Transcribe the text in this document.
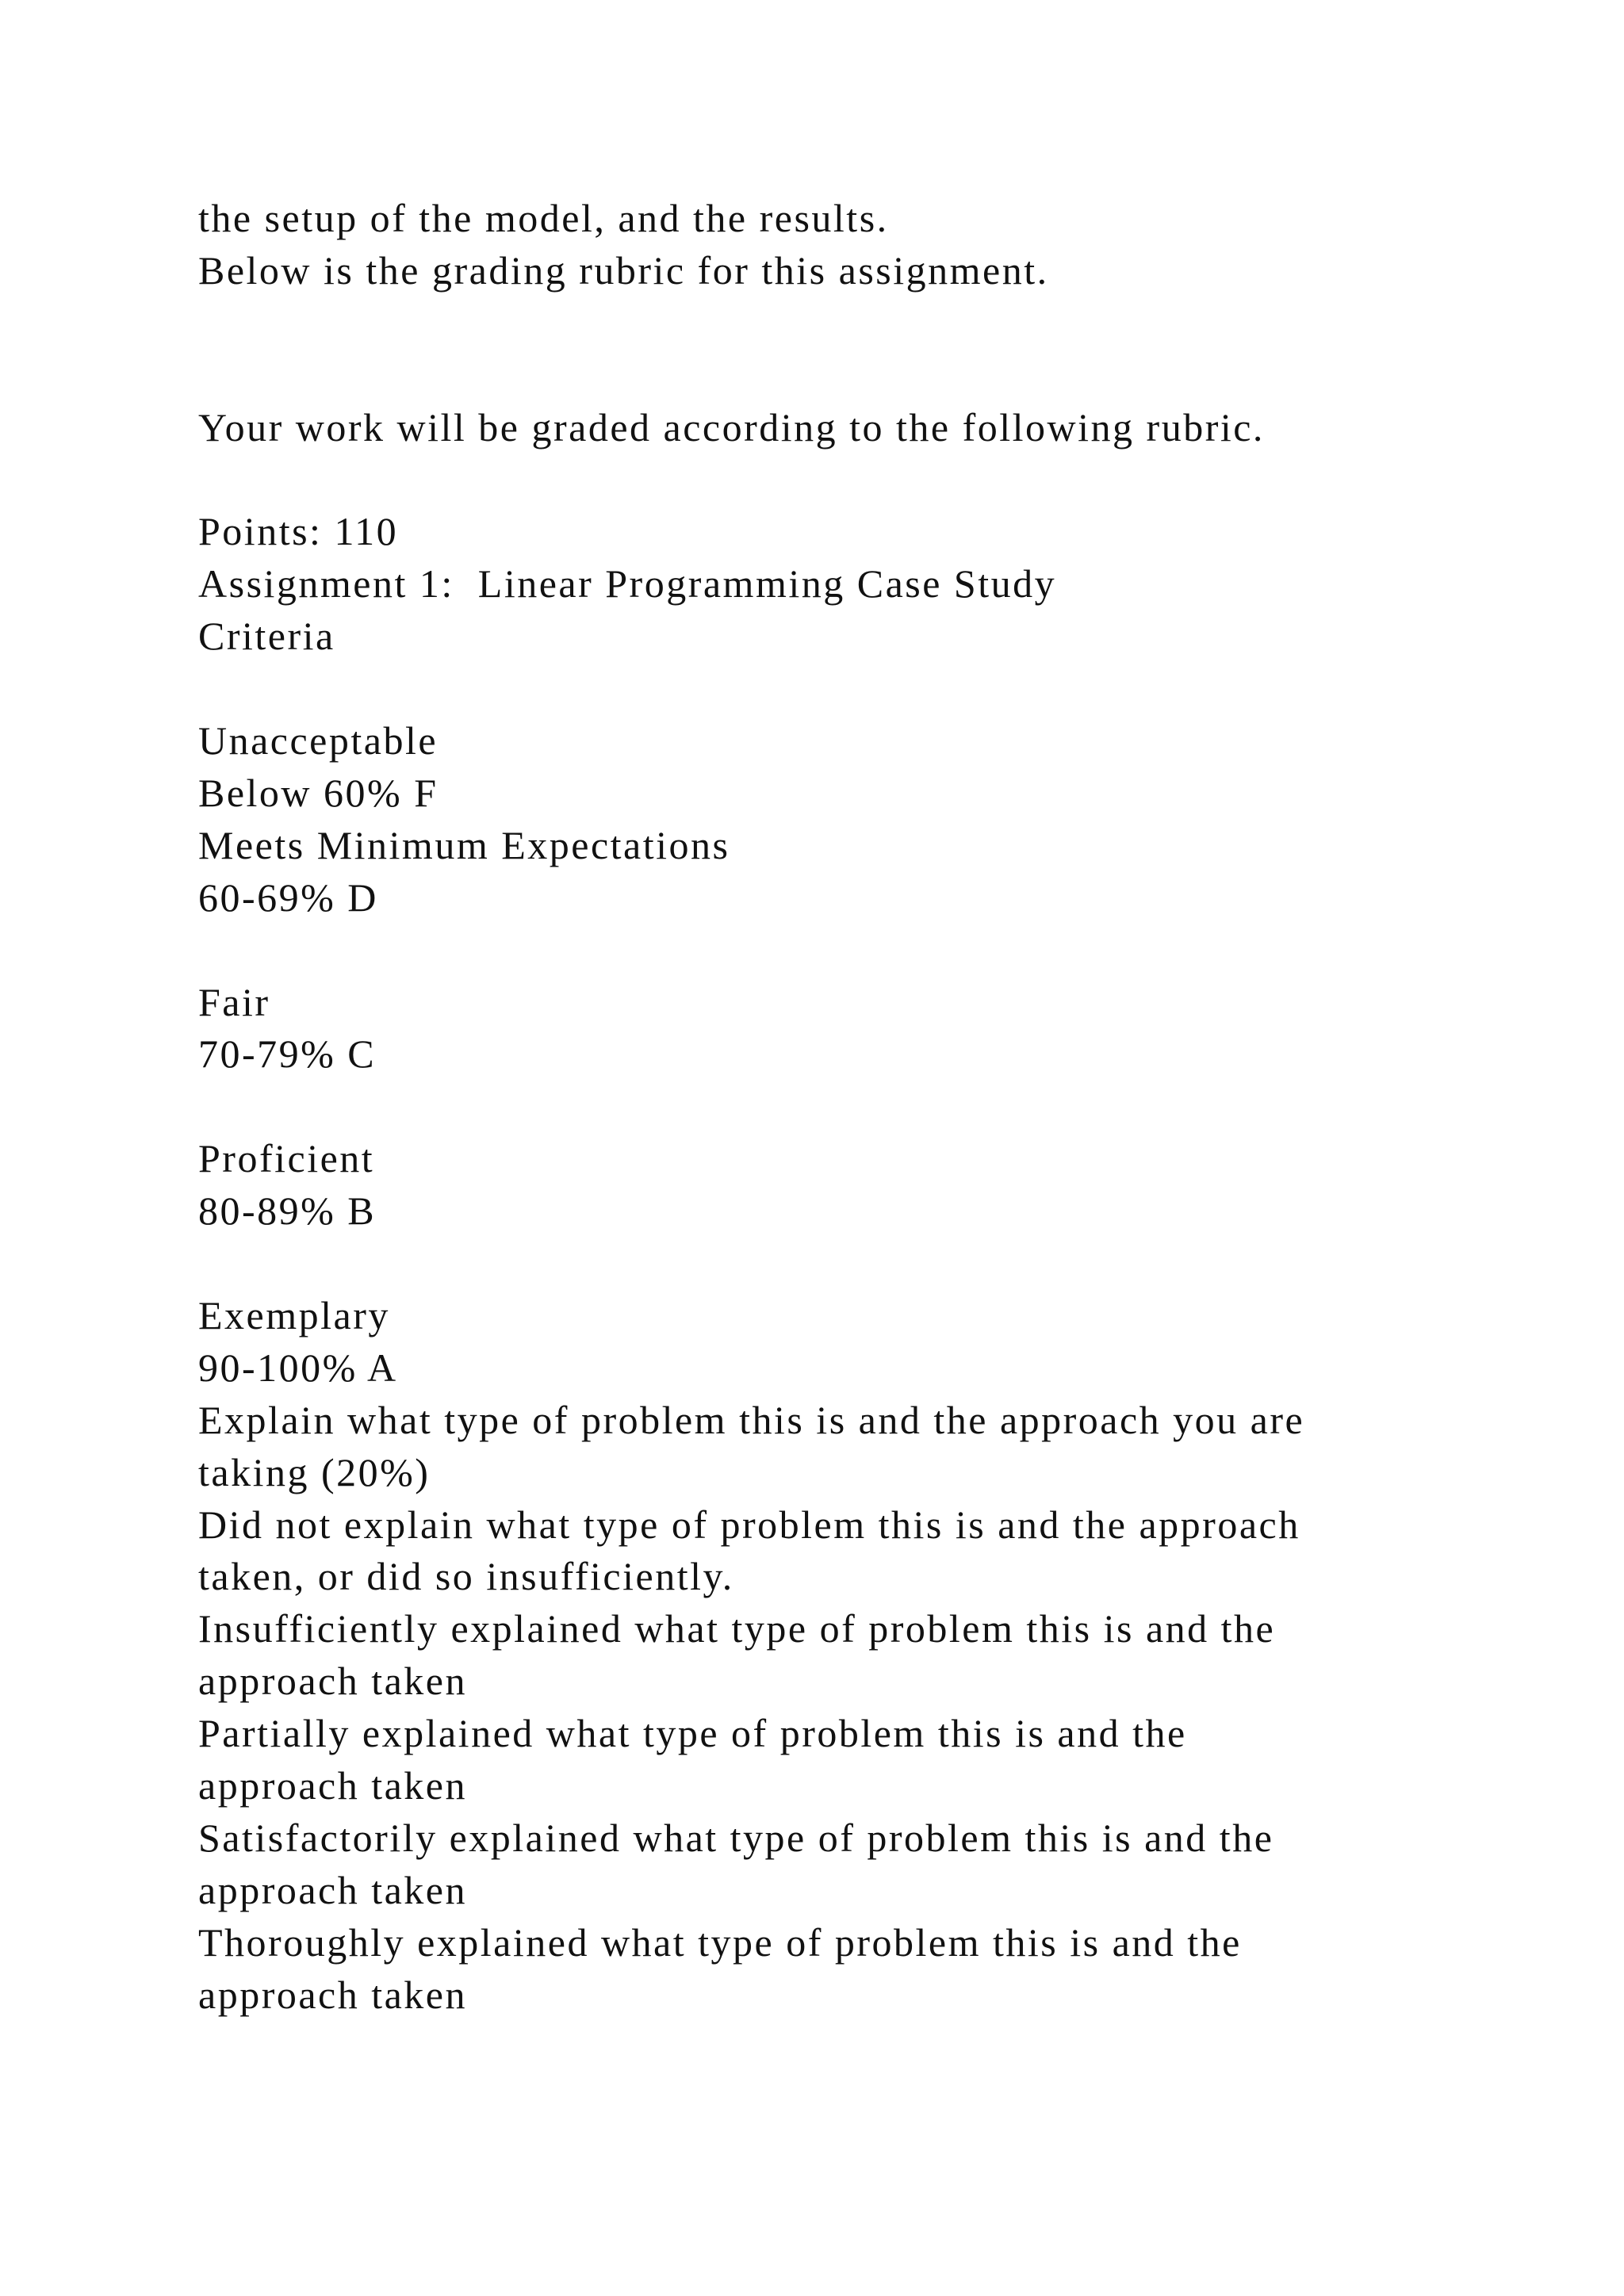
the setup of the model, and the results.
Below is the grading rubric for this assignment.
Your work will be graded according to the following rubric.
Points: 110
Assignment 1:  Linear Programming Case Study
Criteria
Unacceptable
Below 60% F
Meets Minimum Expectations
60-69% D
Fair
70-79% C
Proficient
80-89% B
Exemplary
90-100% A
Explain what type of problem this is and the approach you are
taking (20%)
Did not explain what type of problem this is and the approach
taken, or did so insufficiently.
Insufficiently explained what type of problem this is and the
approach taken
Partially explained what type of problem this is and the
approach taken
Satisfactorily explained what type of problem this is and the
approach taken
Thoroughly explained what type of problem this is and the
approach taken
